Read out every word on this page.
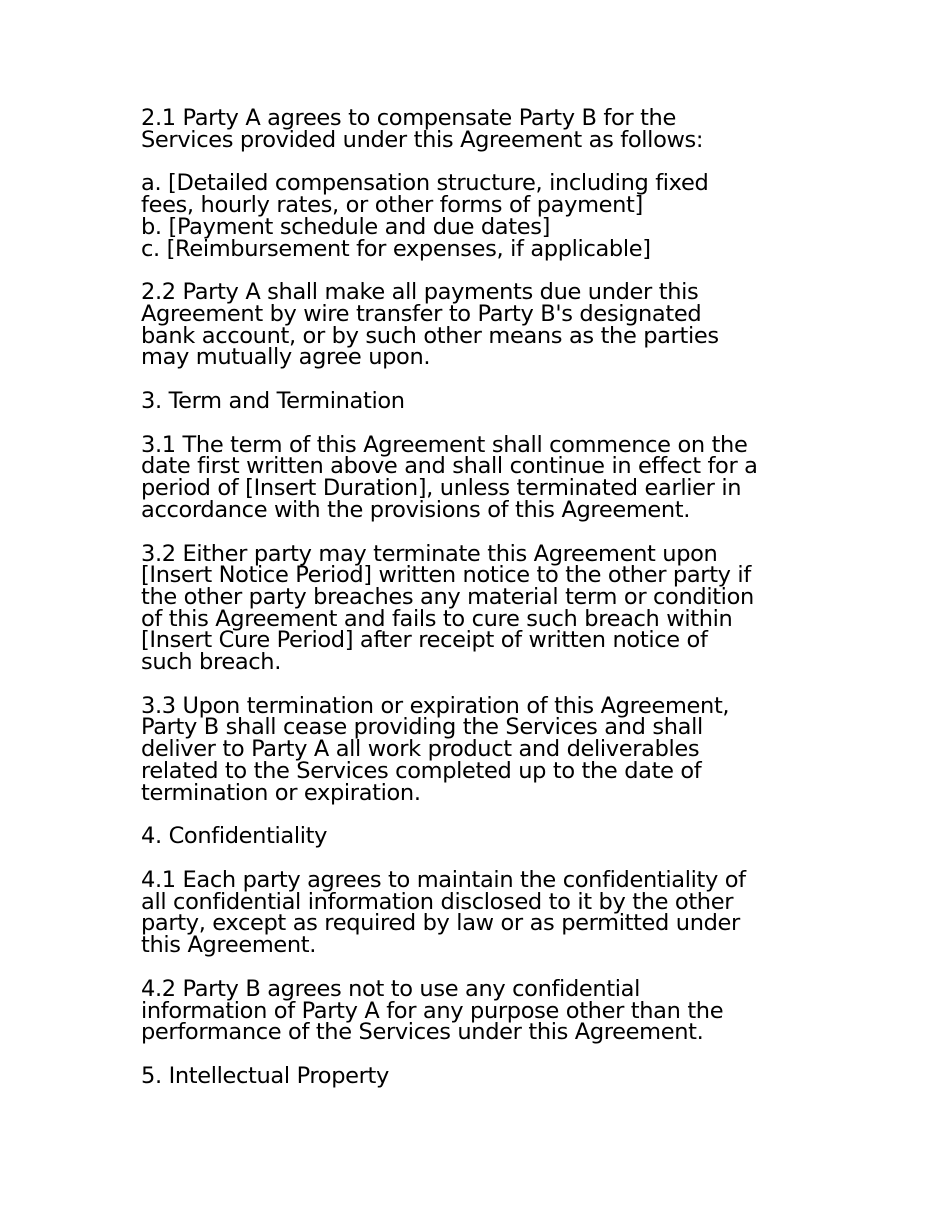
2.1 Party A agrees to compensate Party B for the
Services provided under this Agreement as follows:
a. [Detailed compensation structure, including fixed
fees, hourly rates, or other forms of payment]
b. [Payment schedule and due dates]
c. [Reimbursement for expenses, if applicable]
2.2 Party A shall make all payments due under this
Agreement by wire transfer to Party B's designated
bank account, or by such other means as the parties
may mutually agree upon.
3. Term and Termination
3.1 The term of this Agreement shall commence on the
date first written above and shall continue in effect for a
period of [Insert Duration], unless terminated earlier in
accordance with the provisions of this Agreement.
3.2 Either party may terminate this Agreement upon
[Insert Notice Period] written notice to the other party if
the other party breaches any material term or condition
of this Agreement and fails to cure such breach within
[Insert Cure Period] after receipt of written notice of
such breach.
3.3 Upon termination or expiration of this Agreement,
Party B shall cease providing the Services and shall
deliver to Party A all work product and deliverables
related to the Services completed up to the date of
termination or expiration.
4. Confidentiality
4.1 Each party agrees to maintain the confidentiality of
all confidential information disclosed to it by the other
party, except as required by law or as permitted under
this Agreement.
4.2 Party B agrees not to use any confidential
information of Party A for any purpose other than the
performance of the Services under this Agreement.
5. Intellectual Property
